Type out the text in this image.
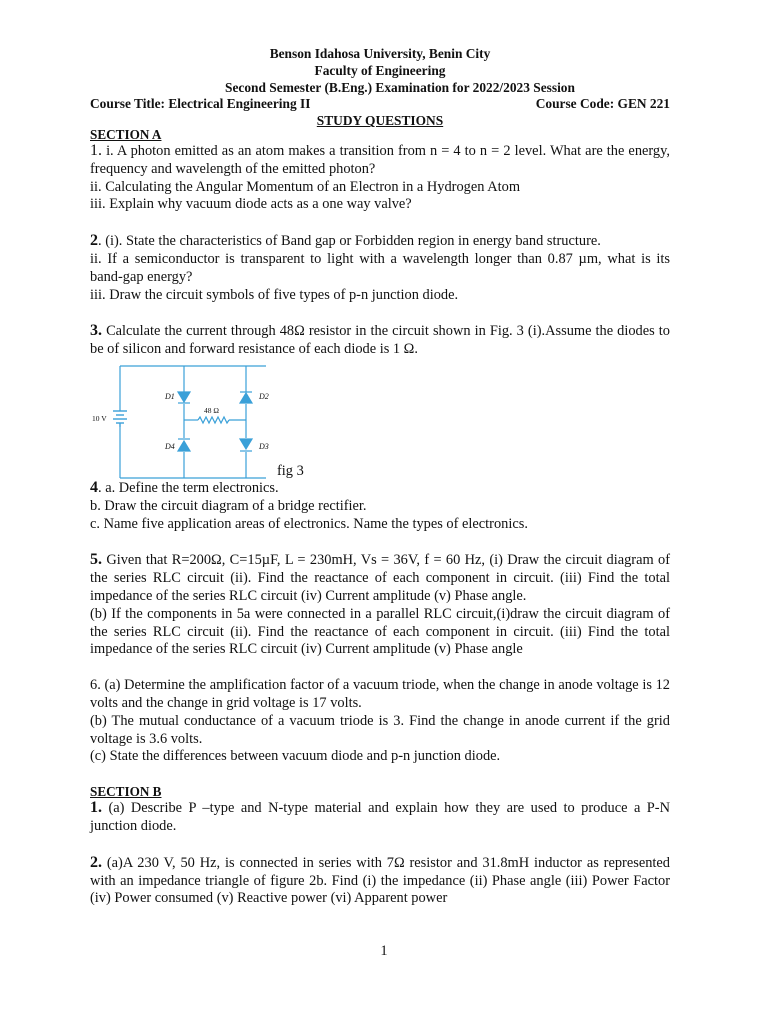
Benson Idahosa University, Benin City
Faculty of Engineering
Second Semester (B.Eng.) Examination for 2022/2023 Session
Course Title: Electrical Engineering II	Course Code: GEN 221
STUDY QUESTIONS
SECTION A

1. i. A photon emitted as an atom makes a transition from n = 4 to n = 2 level. What are the energy, frequency and wavelength of the emitted photon?

ii. Calculating the Angular Momentum of an Electron in a Hydrogen Atom

iii. Explain why vacuum diode acts as a one way valve?

2. (i). State the characteristics of Band gap or Forbidden region in energy band structure.

ii. If a semiconductor is transparent to light with a wavelength longer than 0.87 µm, what is its band-gap energy?

iii. Draw the circuit symbols of five types of p-n junction diode.

3. Calculate the current through 48Ω resistor in the circuit shown in Fig. 3 (i).Assume the diodes to be of silicon and forward resistance of each diode is 1 Ω.

D1	D2
D3
D4
48 Ω
10 V
fig 3

4. a. Define the term electronics.

b. Draw the circuit diagram of a bridge rectifier.

c. Name five application areas of electronics. Name the types of electronics.

5. Given that R=200Ω, C=15µF, L = 230mH, Vs = 36V, f = 60 Hz, (i) Draw the circuit diagram of the series RLC circuit (ii). Find the reactance of each component in circuit. (iii) Find the total impedance of the series RLC circuit (iv) Current amplitude (v) Phase angle.

(b) If the components in 5a were connected in a parallel RLC circuit,(i)draw the circuit diagram of the series RLC circuit (ii). Find the reactance of each component in circuit. (iii) Find the total impedance of the series RLC circuit (iv) Current amplitude (v) Phase angle

6. (a) Determine the amplification factor of a vacuum triode, when the change in anode voltage is 12 volts and the change in grid voltage is 17 volts.

(b) The mutual conductance of a vacuum triode is 3. Find the change in anode current if the grid voltage is 3.6 volts.

(c) State the differences between vacuum diode and p-n junction diode.

SECTION B

1. (a) Describe P –type and N-type material and explain how they are used to produce a P-N junction diode.

2. (a)A 230 V, 50 Hz, is connected in series with 7Ω resistor and 31.8mH inductor as represented with an impedance triangle of figure 2b. Find (i) the impedance (ii) Phase angle (iii) Power Factor (iv) Power consumed (v) Reactive power (vi) Apparent power

1
